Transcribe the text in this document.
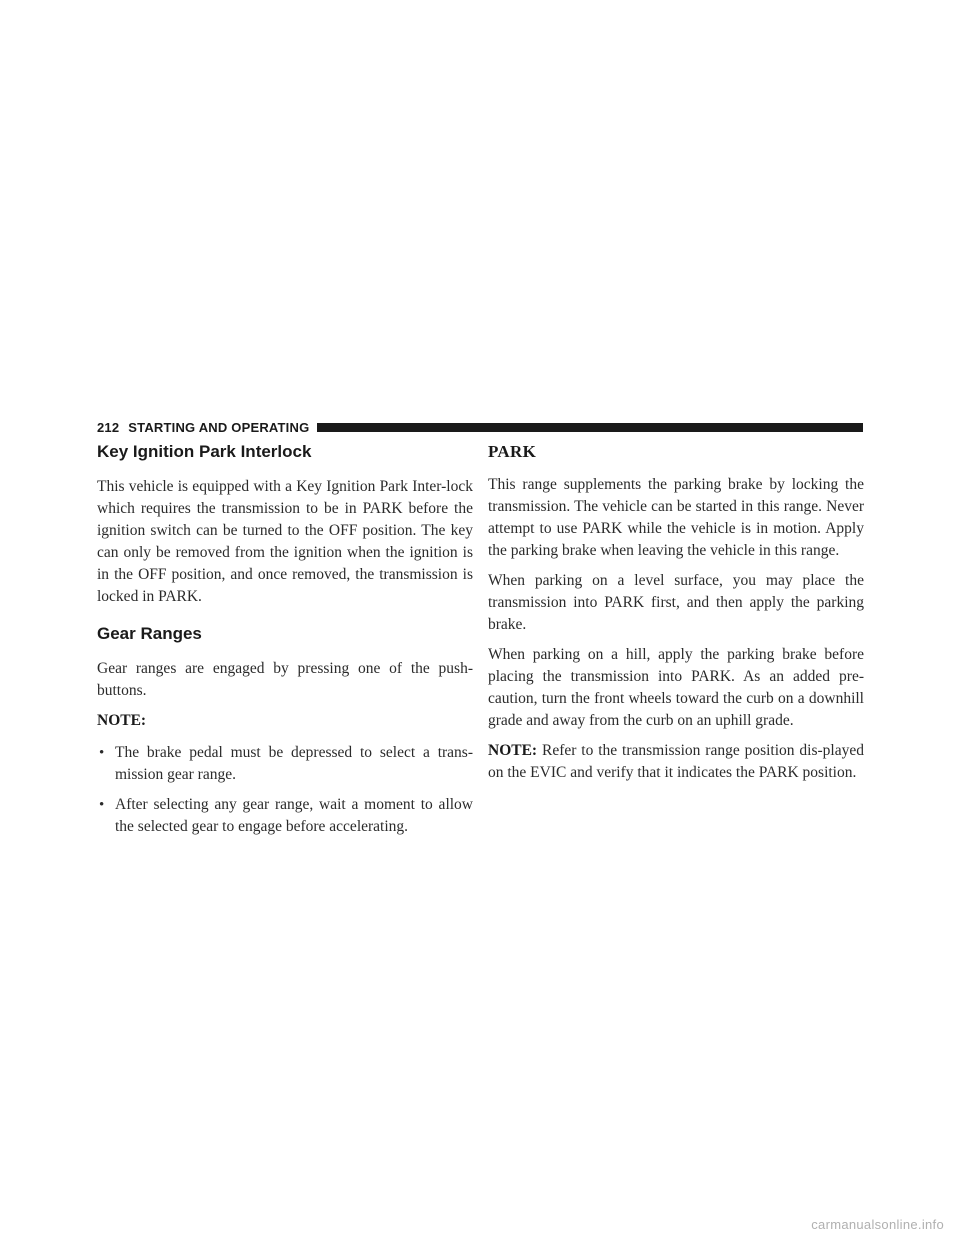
212 STARTING AND OPERATING
Key Ignition Park Interlock

This vehicle is equipped with a Key Ignition Park Inter-lock which requires the transmission to be in PARK before the ignition switch can be turned to the OFF position. The key can only be removed from the ignition when the ignition is in the OFF position, and once removed, the transmission is locked in PARK.

Gear Ranges

Gear ranges are engaged by pressing one of the push-buttons.

NOTE:
• The brake pedal must be depressed to select a trans-mission gear range.
• After selecting any gear range, wait a moment to allow the selected gear to engage before accelerating.
PARK

This range supplements the parking brake by locking the transmission. The vehicle can be started in this range. Never attempt to use PARK while the vehicle is in motion. Apply the parking brake when leaving the vehicle in this range.

When parking on a level surface, you may place the transmission into PARK first, and then apply the parking brake.

When parking on a hill, apply the parking brake before placing the transmission into PARK. As an added pre-caution, turn the front wheels toward the curb on a downhill grade and away from the curb on an uphill grade.

NOTE: Refer to the transmission range position dis-played on the EVIC and verify that it indicates the PARK position.

carmanualsonline.info
